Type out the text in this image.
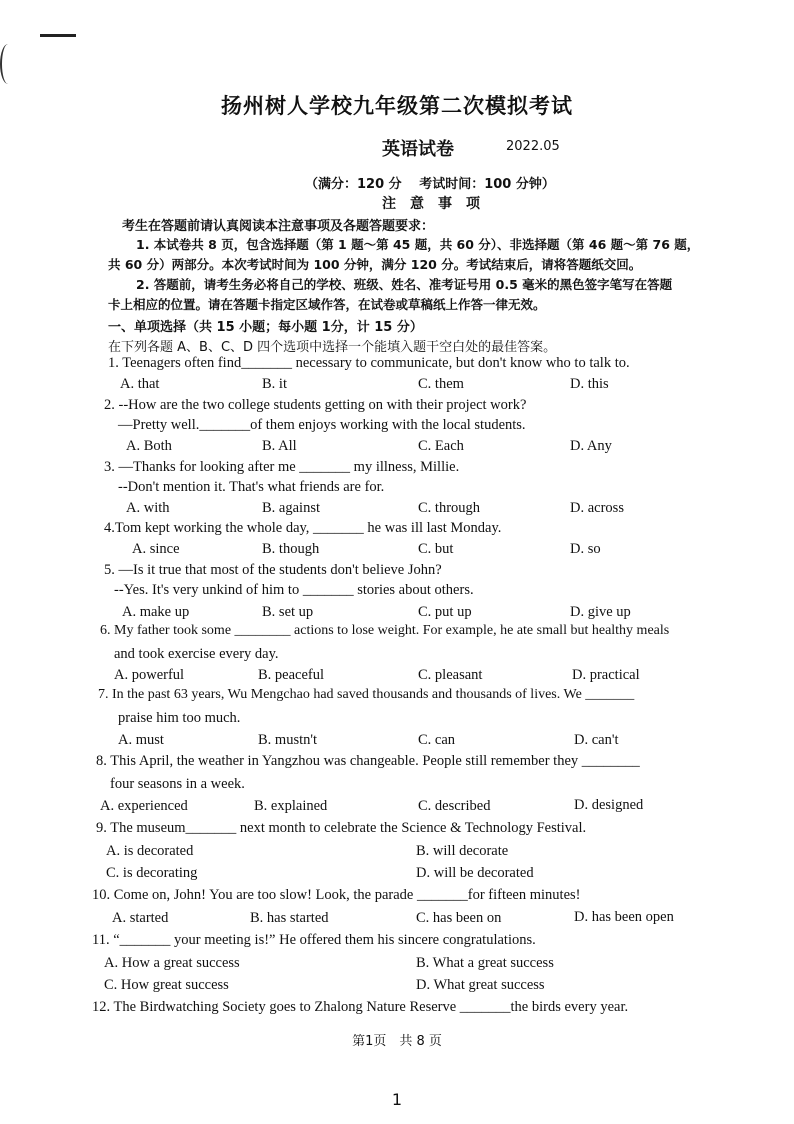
扬州树人学校九年级第二次模拟考试
英语试卷	2022.05
（满分：120 分　 考试时间：100 分钟）
注　意　事　项
考生在答题前请认真阅读本注意事项及各题答题要求：
1. 本试卷共 8 页，包含选择题（第 1 题～第 45 题，共 60 分）、非选择题（第 46 题～第 76 题，
共 60 分）两部分。本次考试时间为 100 分钟，满分 120 分。考试结束后，请将答题纸交回。
2. 答题前，请考生务必将自己的学校、班级、姓名、准考证号用 0.5 毫米的黑色签字笔写在答题
卡上相应的位置。请在答题卡指定区域作答，在试卷或草稿纸上作答一律无效。
一、单项选择（共 15 小题；每小题 1分，计 15 分）
在下列各题 A、B、C、D 四个选项中选择一个能填入题干空白处的最佳答案。
1. Teenagers often find_______ necessary to communicate, but don't know who to talk to.
A. that	B. it	C. them	D. this
2. --How are the two college students getting on with their project work?
—Pretty well._______of them enjoys working with the local students.
A. Both	B. All	C. Each	D. Any
3. —Thanks for looking after me _______ my illness, Millie.
--Don't mention it. That's what friends are for.
A. with	B. against	C. through	D. across
4.Tom kept working the whole day, _______ he was ill last Monday.
A. since	B. though	C. but	D. so
5. —Is it true that most of the students don't believe John?
--Yes. It's very unkind of him to _______ stories about others.
A. make up	B. set up	C. put up	D. give up
6. My father took some ________ actions to lose weight. For example, he ate small but healthy meals
and took exercise every day.
A. powerful	B. peaceful	C. pleasant	D. practical
7. In the past 63 years, Wu Mengchao had saved thousands and thousands of lives. We _______
praise him too much.
A. must	B. mustn't	C. can	D. can't
8. This April, the weather in Yangzhou was changeable. People still remember they ________
four seasons in a week.
A. experienced	B. explained	C. described	D. designed
9. The museum_______ next month to celebrate the Science & Technology Festival.
A. is decorated	B. will decorate
C. is decorating	D. will be decorated
10. Come on, John! You are too slow! Look, the parade _______for fifteen minutes!
A. started	B. has started	C. has been on	D. has been open
11. “_______ your meeting is!” He offered them his sincere congratulations.
A. How a great success	B. What a great success
C. How great success	D. What great success
12. The Birdwatching Society goes to Zhalong Nature Reserve _______the birds every year.
第1页　共 8 页
1
